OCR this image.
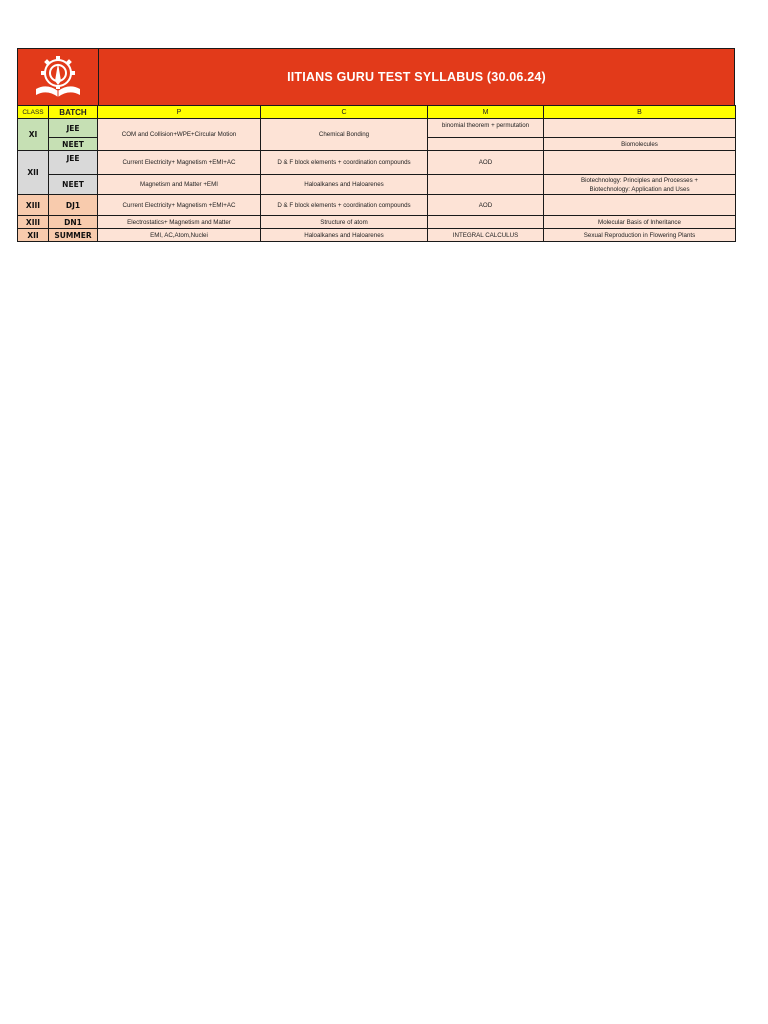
IITIANS GURU TEST SYLLABUS (30.06.24)
CLASS	BATCH	P	C	M	B
XI	JEE	COM and Collision+WPE+Circular Motion	Chemical Bonding	binomial theorem + permutation	
	NEET				Biomolecules
XII	JEE	Current Electricity+ Magnetism +EMI+AC	D & F block elements + coordination compounds	AOD	
	NEET	Magnetism and Matter +EMI	Haloalkanes and Haloarenes		Biotechnology: Principles and Processes +
Biotechnology: Application and Uses

XIII	DJ1	Current Electricity+ Magnetism +EMI+AC	D & F block elements + coordination compounds	AOD	
XIII	DN1	Electrostatics+ Magnetism and Matter	Structure of atom		Molecular Basis of Inheritance
XII	SUMMER	EMI, AC,Atom,Nuclei	Haloalkanes and Haloarenes	INTEGRAL CALCULUS	Sexual Reproduction in Flowering Plants
